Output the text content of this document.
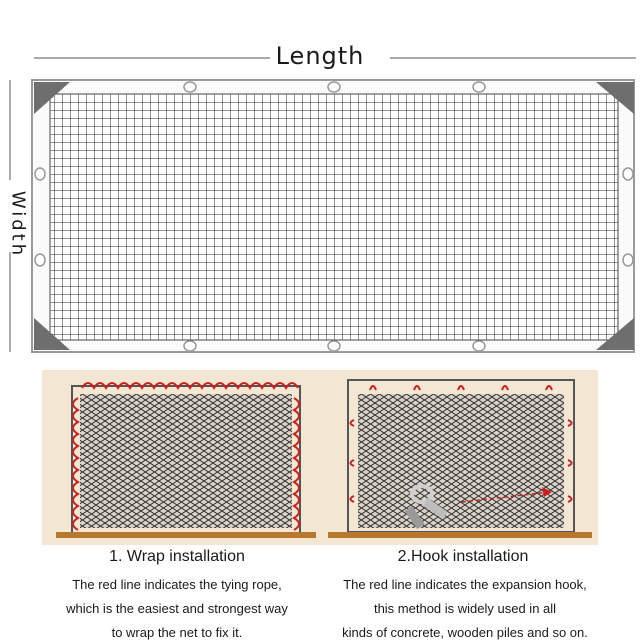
Length
Width
1. Wrap installation
The red line indicates the tying rope,
which is the easiest and strongest way
to wrap the net to fix it.
2.Hook installation
The red line indicates the expansion hook,
this method is widely used in all
kinds of concrete, wooden piles and so on.
